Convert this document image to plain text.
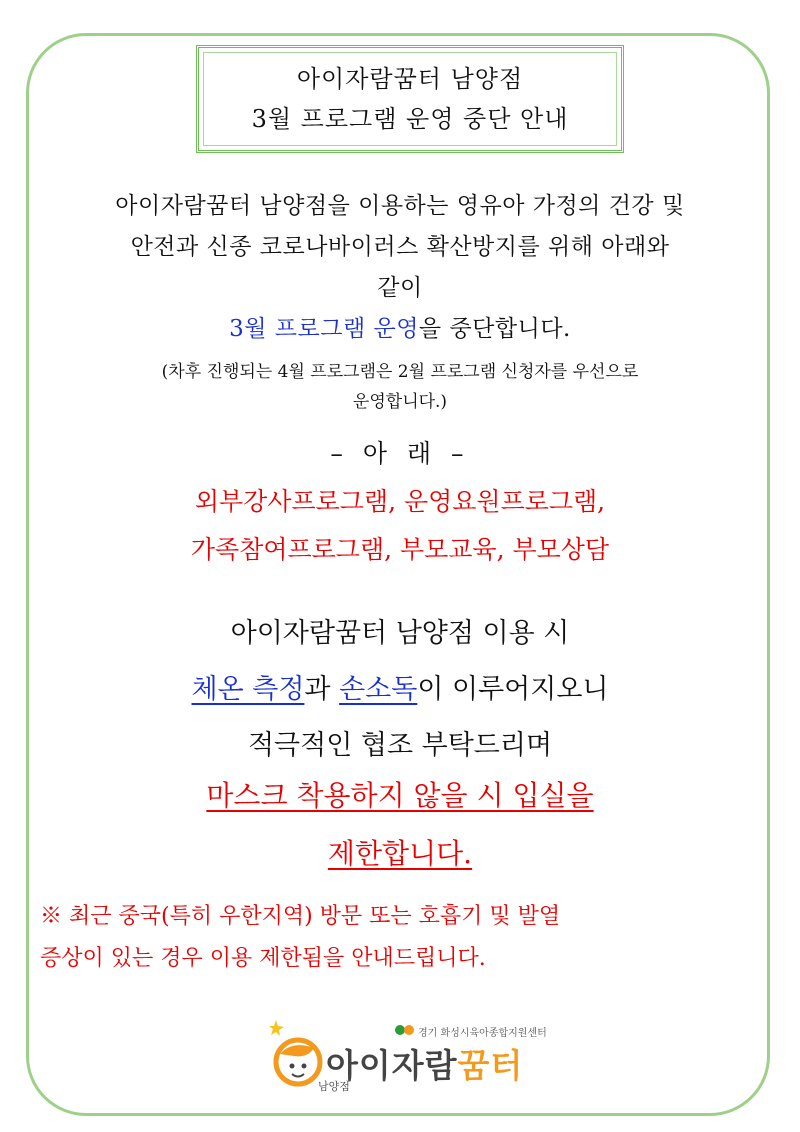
아이자람꿈터 남양점
3월 프로그램 운영 중단 안내
아이자람꿈터 남양점을 이용하는 영유아 가정의 건강 및
안전과 신종 코로나바이러스 확산방지를 위해 아래와
같이
3월 프로그램 운영을 중단합니다.
(차후 진행되는 4월 프로그램은 2월 프로그램 신청자를 우선으로
운영합니다.)
– 아 래 –
외부강사프로그램, 운영요원프로그램,
가족참여프로그램, 부모교육, 부모상담
아이자람꿈터 남양점 이용 시
체온 측정과 손소독이 이루어지오니
적극적인 협조 부탁드리며
마스크 착용하지 않을 시 입실을
제한합니다.
※ 최근 중국(특히 우한지역) 방문 또는 호흡기 및 발열
증상이 있는 경우 이용 제한됨을 안내드립니다.
경기 화성시육아종합지원센터
아이자람꿈터
남양점
